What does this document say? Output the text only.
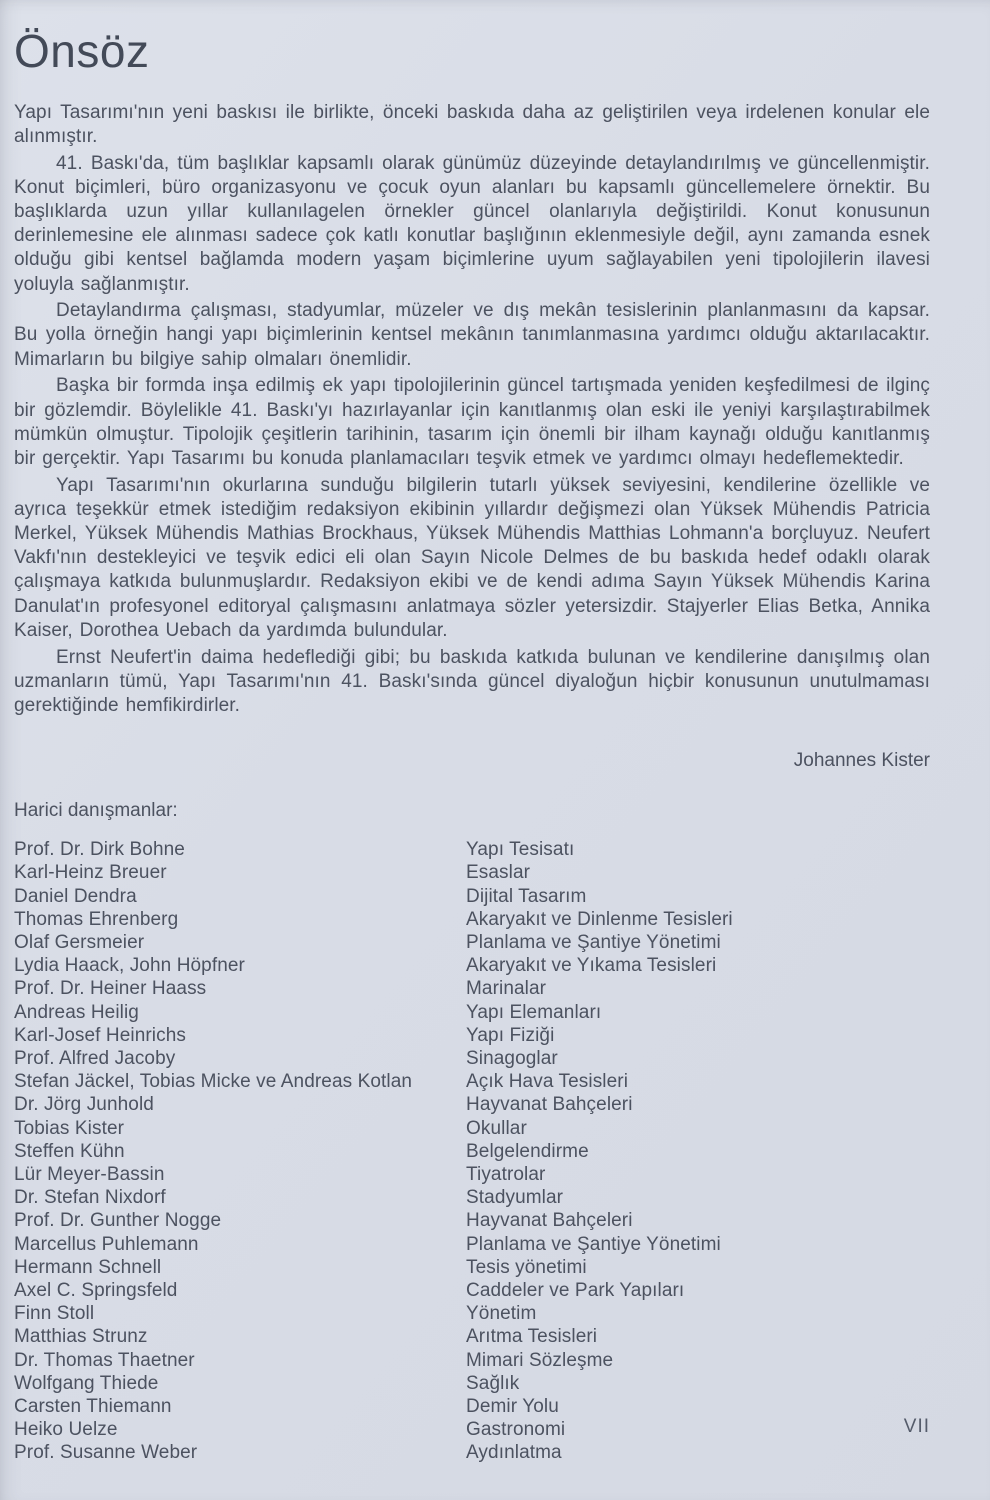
Önsöz

Yapı Tasarımı'nın yeni baskısı ile birlikte, önceki baskıda daha az geliştirilen veya irdelenen konular ele alınmıştır.

41. Baskı'da, tüm başlıklar kapsamlı olarak günümüz düzeyinde detaylandırılmış ve güncellenmiştir. Konut biçimleri, büro organizasyonu ve çocuk oyun alanları bu kapsamlı güncellemelere örnektir. Bu başlıklarda uzun yıllar kullanılagelen örnekler güncel olanlarıyla değiştirildi. Konut konusunun derinlemesine ele alınması sadece çok katlı konutlar başlığının eklenmesiyle değil, aynı zamanda esnek olduğu gibi kentsel bağlamda modern yaşam biçimlerine uyum sağlayabilen yeni tipolojilerin ilavesi yoluyla sağlanmıştır.

Detaylandırma çalışması, stadyumlar, müzeler ve dış mekân tesislerinin planlanmasını da kapsar. Bu yolla örneğin hangi yapı biçimlerinin kentsel mekânın tanımlanmasına yardımcı olduğu aktarılacaktır. Mimarların bu bilgiye sahip olmaları önemlidir.

Başka bir formda inşa edilmiş ek yapı tipolojilerinin güncel tartışmada yeniden keşfedilmesi de ilginç bir gözlemdir. Böylelikle 41. Baskı'yı hazırlayanlar için kanıtlanmış olan eski ile yeniyi karşılaştırabilmek mümkün olmuştur. Tipolojik çeşitlerin tarihinin, tasarım için önemli bir ilham kaynağı olduğu kanıtlanmış bir gerçektir. Yapı Tasarımı bu konuda planlamacıları teşvik etmek ve yardımcı olmayı hedeflemektedir.

Yapı Tasarımı'nın okurlarına sunduğu bilgilerin tutarlı yüksek seviyesini, kendilerine özellikle ve ayrıca teşekkür etmek istediğim redaksiyon ekibinin yıllardır değişmezi olan Yüksek Mühendis Patricia Merkel, Yüksek Mühendis Mathias Brockhaus, Yüksek Mühendis Matthias Lohmann'a borçluyuz. Neufert Vakfı'nın destekleyici ve teşvik edici eli olan Sayın Nicole Delmes de bu baskıda hedef odaklı olarak çalışmaya katkıda bulunmuşlardır. Redaksiyon ekibi ve de kendi adıma Sayın Yüksek Mühendis Karina Danulat'ın profesyonel editoryal çalışmasını anlatmaya sözler yetersizdir. Stajyerler Elias Betka, Annika Kaiser, Dorothea Uebach da yardımda bulundular.

Ernst Neufert'in daima hedeflediği gibi; bu baskıda katkıda bulunan ve kendilerine danışılmış olan uzmanların tümü, Yapı Tasarımı'nın 41. Baskı'sında güncel diyaloğun hiçbir konusunun unutulmaması gerektiğinde hemfikirdirler.

Johannes Kister
Harici danışmanlar:
Prof. Dr. Dirk Bohne	Yapı Tesisatı
Karl-Heinz Breuer	Esaslar
Daniel Dendra	Dijital Tasarım
Thomas Ehrenberg	Akaryakıt ve Dinlenme Tesisleri
Olaf Gersmeier	Planlama ve Şantiye Yönetimi
Lydia Haack, John Höpfner	Akaryakıt ve Yıkama Tesisleri
Prof. Dr. Heiner Haass	Marinalar
Andreas Heilig	Yapı Elemanları
Karl-Josef Heinrichs	Yapı Fiziği
Prof. Alfred Jacoby	Sinagoglar
Stefan Jäckel, Tobias Micke ve Andreas Kotlan	Açık Hava Tesisleri
Dr. Jörg Junhold	Hayvanat Bahçeleri
Tobias Kister	Okullar
Steffen Kühn	Belgelendirme
Lür Meyer-Bassin	Tiyatrolar
Dr. Stefan Nixdorf	Stadyumlar
Prof. Dr. Gunther Nogge	Hayvanat Bahçeleri
Marcellus Puhlemann	Planlama ve Şantiye Yönetimi
Hermann Schnell	Tesis yönetimi
Axel C. Springsfeld	Caddeler ve Park Yapıları
Finn Stoll	Yönetim
Matthias Strunz	Arıtma Tesisleri
Dr. Thomas Thaetner	Mimari Sözleşme
Wolfgang Thiede	Sağlık
Carsten Thiemann	Demir Yolu
Heiko Uelze	Gastronomi
Prof. Susanne Weber	Aydınlatma
VII
